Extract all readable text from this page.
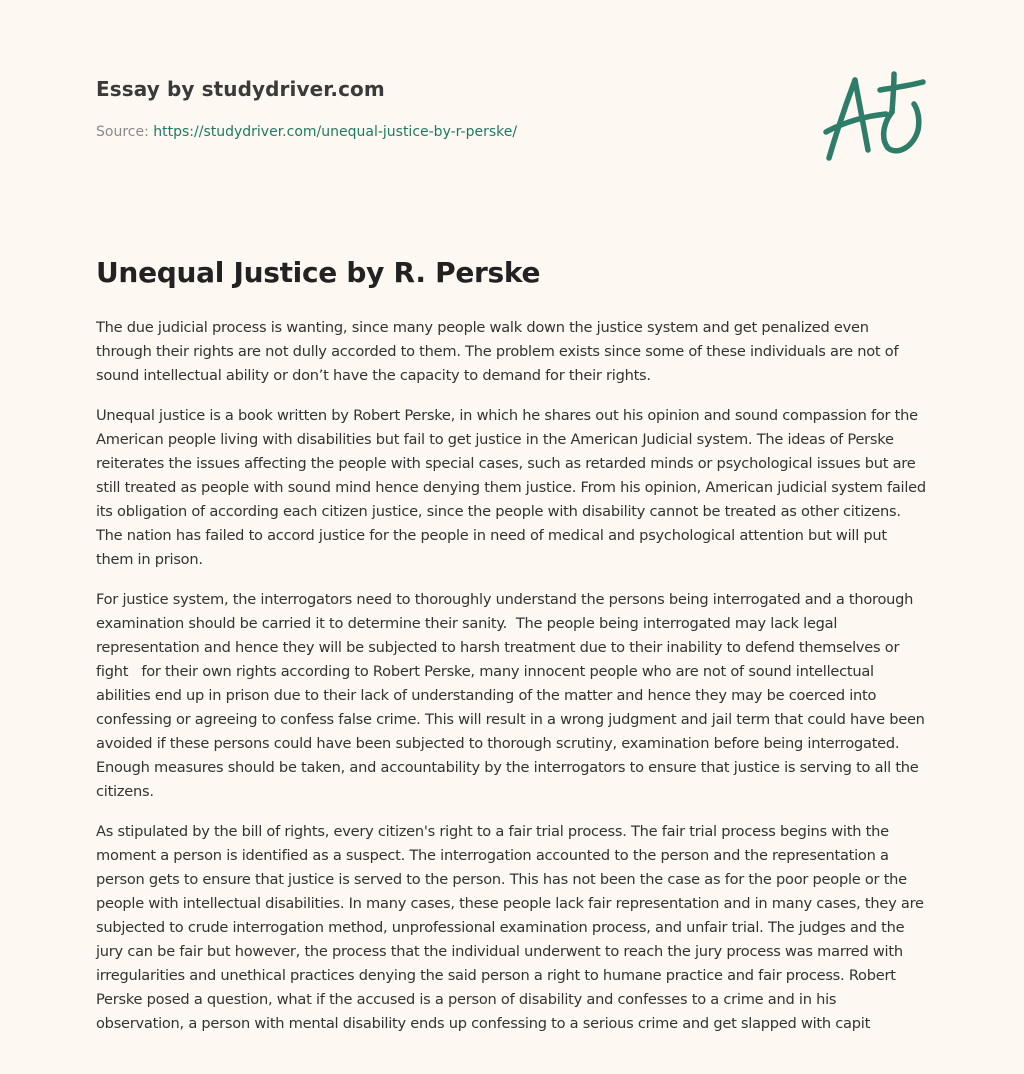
Essay by studydriver.com
Source: https://studydriver.com/unequal-justice-by-r-perske/
Unequal Justice by R. Perske

The due judicial process is wanting, since many people walk down the justice system and get penalized even through their rights are not dully accorded to them. The problem exists since some of these individuals are not of sound intellectual ability or don’t have the capacity to demand for their rights.

Unequal justice is a book written by Robert Perske, in which he shares out his opinion and sound compassion for the American people living with disabilities but fail to get justice in the American Judicial system. The ideas of Perske reiterates the issues affecting the people with special cases, such as retarded minds or psychological issues but are still treated as people with sound mind hence denying them justice. From his opinion, American judicial system failed its obligation of according each citizen justice, since the people with disability cannot be treated as other citizens. The nation has failed to accord justice for the people in need of medical and psychological attention but will put them in prison.

For justice system, the interrogators need to thoroughly understand the persons being interrogated and a thorough examination should be carried it to determine their sanity.  The people being interrogated may lack legal representation and hence they will be subjected to harsh treatment due to their inability to defend themselves or fight   for their own rights according to Robert Perske, many innocent people who are not of sound intellectual abilities end up in prison due to their lack of understanding of the matter and hence they may be coerced into confessing or agreeing to confess false crime. This will result in a wrong judgment and jail term that could have been avoided if these persons could have been subjected to thorough scrutiny, examination before being interrogated. Enough measures should be taken, and accountability by the interrogators to ensure that justice is serving to all the citizens.

As stipulated by the bill of rights, every citizen's right to a fair trial process. The fair trial process begins with the moment a person is identified as a suspect. The interrogation accounted to the person and the representation a person gets to ensure that justice is served to the person. This has not been the case as for the poor people or the people with intellectual disabilities. In many cases, these people lack fair representation and in many cases, they are subjected to crude interrogation method, unprofessional examination process, and unfair trial. The judges and the jury can be fair but however, the process that the individual underwent to reach the jury process was marred with irregularities and unethical practices denying the said person a right to humane practice and fair process. Robert Perske posed a question, what if the accused is a person of disability and confesses to a crime and in his observation, a person with mental disability ends up confessing to a serious crime and get slapped with capit
